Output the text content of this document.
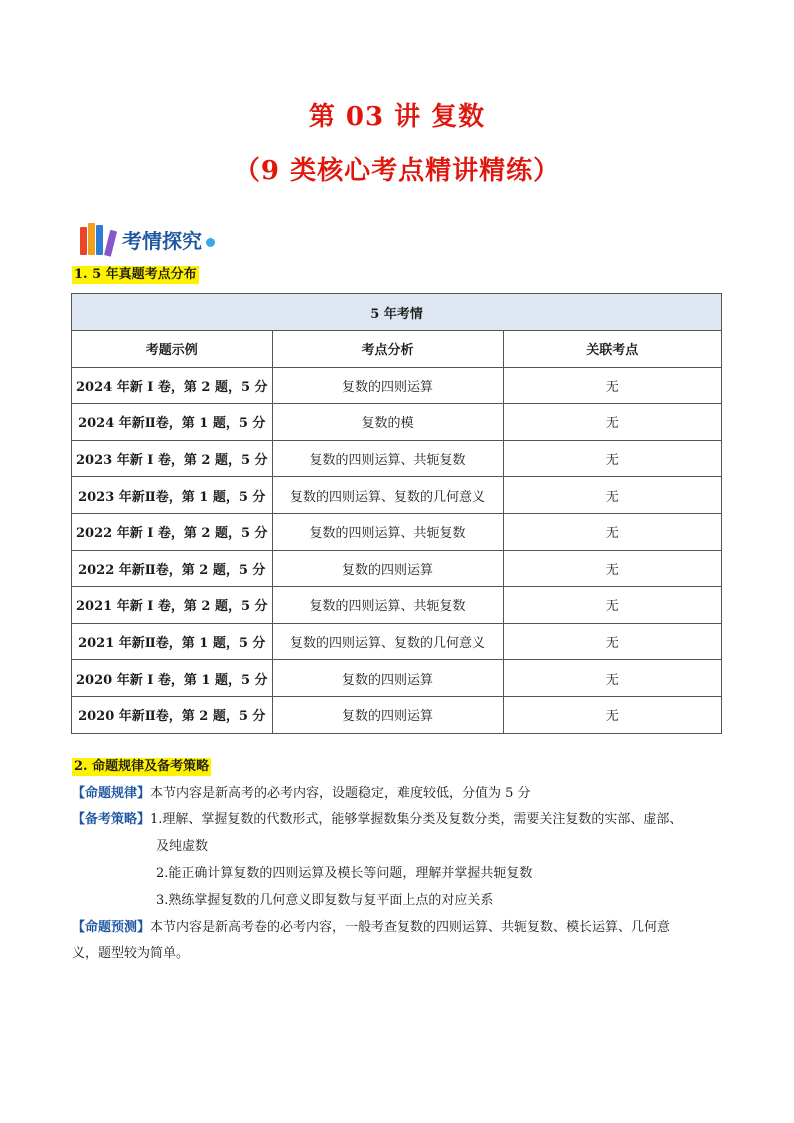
第 03 讲 复数
（9 类核心考点精讲精练）
考情探究
1. 5 年真题考点分布
5 年考情		
考题示例	考点分析	关联考点
2024 年新 I 卷，第 2 题，5 分	复数的四则运算	无
2024 年新Ⅱ卷，第 1 题，5 分	复数的模	无
2023 年新 I 卷，第 2 题，5 分	复数的四则运算、共轭复数	无
2023 年新Ⅱ卷，第 1 题，5 分	复数的四则运算、复数的几何意义	无
2022 年新 I 卷，第 2 题，5 分	复数的四则运算、共轭复数	无
2022 年新Ⅱ卷，第 2 题，5 分	复数的四则运算	无
2021 年新 I 卷，第 2 题，5 分	复数的四则运算、共轭复数	无
2021 年新Ⅱ卷，第 1 题，5 分	复数的四则运算、复数的几何意义	无
2020 年新 I 卷，第 1 题，5 分	复数的四则运算	无
2020 年新Ⅱ卷，第 2 题，5 分	复数的四则运算	无
2. 命题规律及备考策略
【命题规律】本节内容是新高考的必考内容，设题稳定，难度较低，分值为 5 分
【备考策略】1.理解、掌握复数的代数形式，能够掌握数集分类及复数分类，需要关注复数的实部、虚部、
及纯虚数
2.能正确计算复数的四则运算及模长等问题，理解并掌握共轭复数
3.熟练掌握复数的几何意义即复数与复平面上点的对应关系
【命题预测】本节内容是新高考卷的必考内容，一般考查复数的四则运算、共轭复数、模长运算、几何意
义，题型较为简单。
